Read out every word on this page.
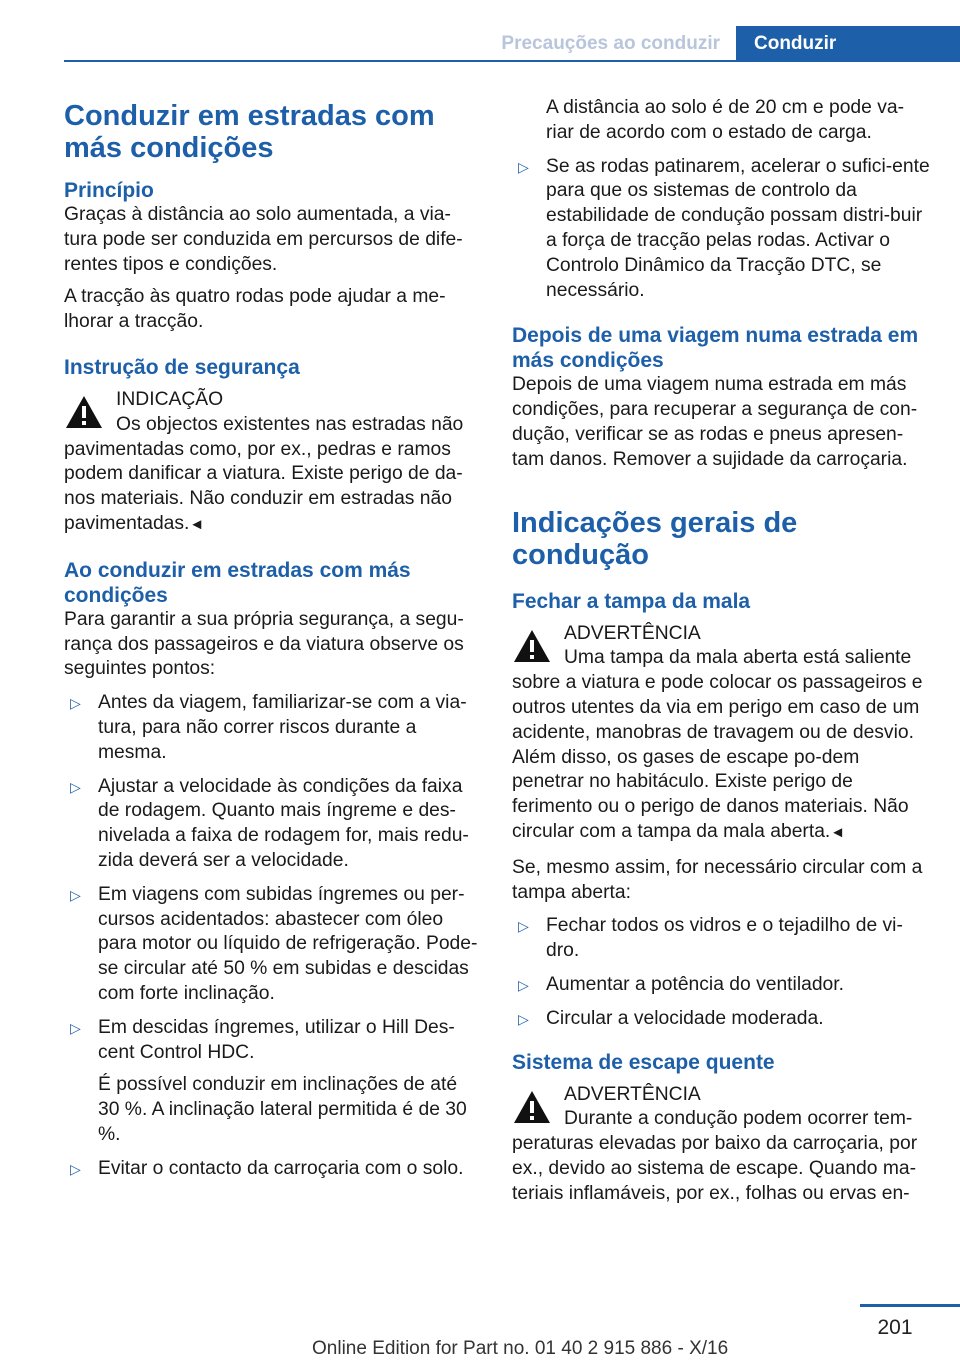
Precauções ao conduzir	Conduzir
Conduzir em estradas com más condições
Princípio

Graças à distância ao solo aumentada, a via-tura pode ser conduzida em percursos de dife-rentes tipos e condições.

A tracção às quatro rodas pode ajudar a me-lhorar a tracção.

Instrução de segurança
INDICAÇÃO

Os objectos existentes nas estradas não pavimentadas como, por ex., pedras e ramos podem danificar a viatura. Existe perigo de da-nos materiais. Não conduzir em estradas não pavimentadas.◄

Ao conduzir em estradas com más condições

Para garantir a sua própria segurança, a segu-rança dos passageiros e da viatura observe os seguintes pontos:

▷ Antes da viagem, familiarizar-se com a via-tura, para não correr riscos durante a mesma.
▷ Ajustar a velocidade às condições da faixa de rodagem. Quanto mais íngreme e des-nivelada a faixa de rodagem for, mais redu-zida deverá ser a velocidade.
▷ Em viagens com subidas íngremes ou per-cursos acidentados: abastecer com óleo para motor ou líquido de refrigeração. Pode-se circular até 50 % em subidas e descidas com forte inclinação.
▷ Em descidas íngremes, utilizar o Hill Des-cent Control HDC.
É possível conduzir em inclinações de até 30 %. A inclinação lateral permitida é de 30 %.
▷ Evitar o contacto da carroçaria com o solo.

A distância ao solo é de 20 cm e pode va-riar de acordo com o estado de carga.

▷ Se as rodas patinarem, acelerar o sufici-ente para que os sistemas de controlo da estabilidade de condução possam distri-buir a força de tracção pelas rodas. Activar o Controlo Dinâmico da Tracção DTC, se necessário.
Depois de uma viagem numa estrada em más condições

Depois de uma viagem numa estrada em más condições, para recuperar a segurança de con-dução, verificar se as rodas e pneus apresen-tam danos. Remover a sujidade da carroçaria.

Indicações gerais de condução
Fechar a tampa da mala
ADVERTÊNCIA

Uma tampa da mala aberta está saliente sobre a viatura e pode colocar os passageiros e outros utentes da via em perigo em caso de um acidente, manobras de travagem ou de desvio. Além disso, os gases de escape po-dem penetrar no habitáculo. Existe perigo de ferimento ou o perigo de danos materiais. Não circular com a tampa da mala aberta.◄

Se, mesmo assim, for necessário circular com a tampa aberta:

▷ Fechar todos os vidros e o tejadilho de vi-dro.
▷ Aumentar a potência do ventilador.
▷ Circular a velocidade moderada.
Sistema de escape quente
ADVERTÊNCIA

Durante a condução podem ocorrer tem-peraturas elevadas por baixo da carroçaria, por ex., devido ao sistema de escape. Quando ma-teriais inflamáveis, por ex., folhas ou ervas en-

201
Online Edition for Part no. 01 40 2 915 886 - X/16
